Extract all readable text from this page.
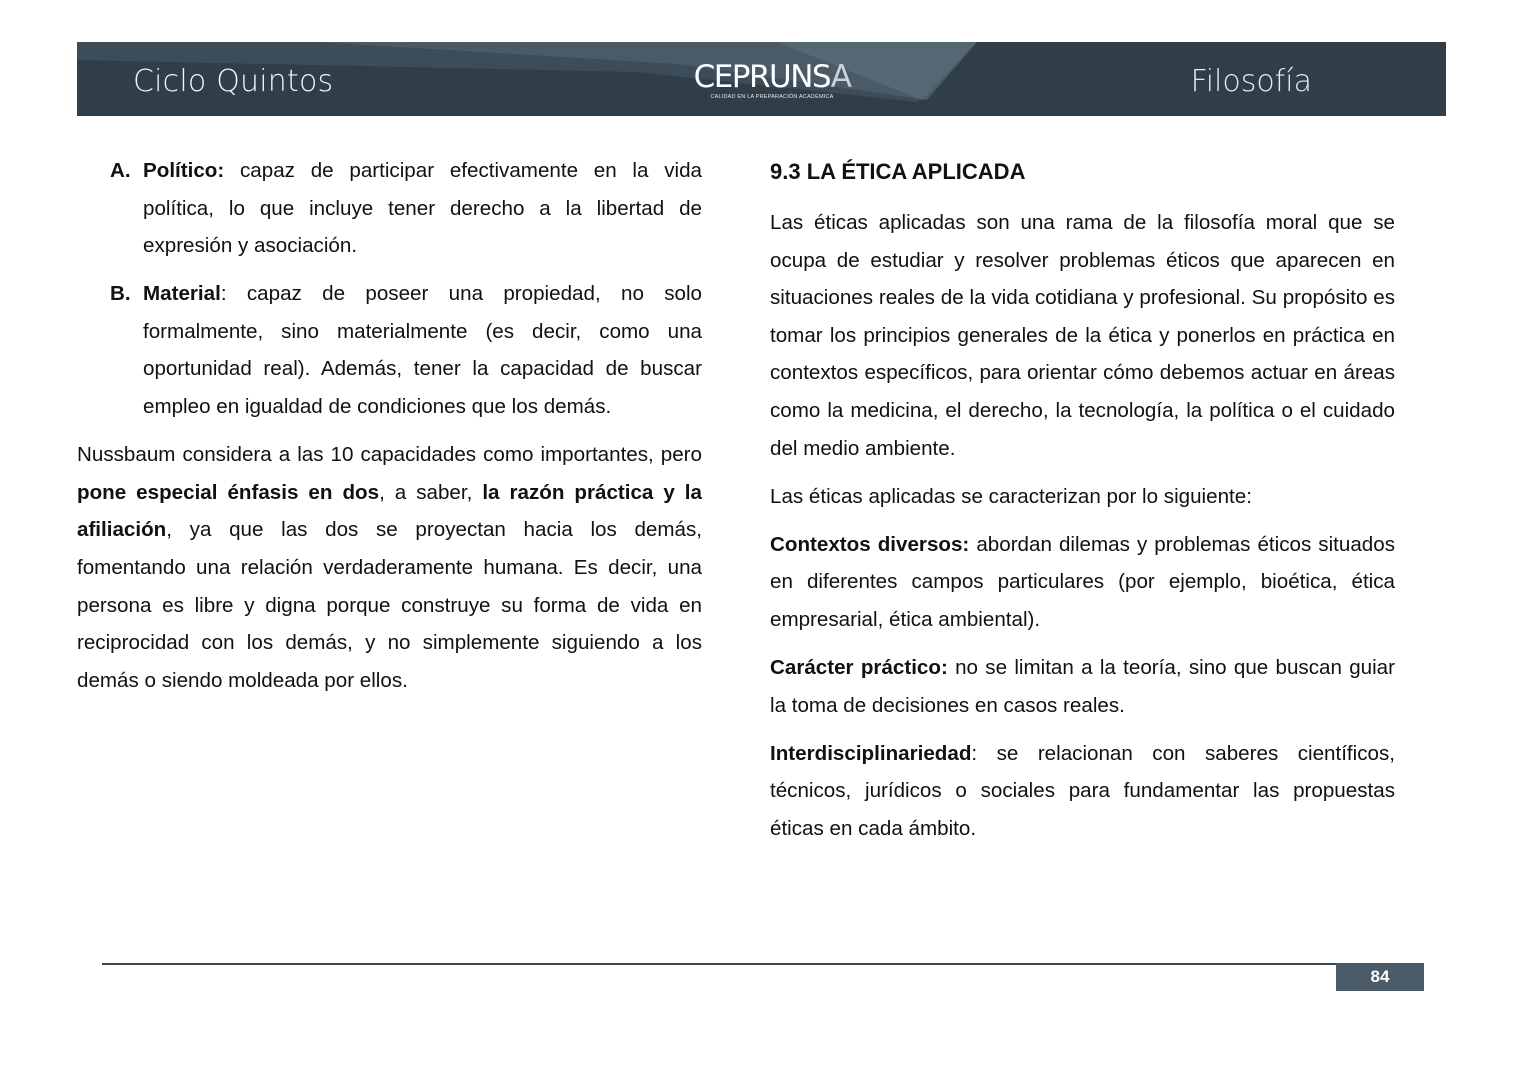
Ciclo Quintos	CEPRUNSA
CALIDAD EN LA PREPARACIÓN ACADÉMICA	Filosofía
A. Político: capaz de participar efectivamente en la vida política, lo que incluye tener derecho a la libertad de expresión y asociación.
B. Material: capaz de poseer una propiedad, no solo formalmente, sino materialmente (es decir, como una oportunidad real). Además, tener la capacidad de buscar empleo en igualdad de condiciones que los demás.

Nussbaum considera a las 10 capacidades como importantes, pero pone especial énfasis en dos, a saber, la razón práctica y la afiliación, ya que las dos se proyectan hacia los demás, fomentando una relación verdaderamente humana. Es decir, una persona es libre y digna porque construye su forma de vida en reciprocidad con los demás, y no simplemente siguiendo a los demás o siendo moldeada por ellos.

9.3 LA ÉTICA APLICADA

Las éticas aplicadas son una rama de la filosofía moral que se ocupa de estudiar y resolver problemas éticos que aparecen en situaciones reales de la vida cotidiana y profesional. Su propósito es tomar los principios generales de la ética y ponerlos en práctica en contextos específicos, para orientar cómo debemos actuar en áreas como la medicina, el derecho, la tecnología, la política o el cuidado del medio ambiente.

Las éticas aplicadas se caracterizan por lo siguiente:

Contextos diversos: abordan dilemas y problemas éticos situados en diferentes campos particulares (por ejemplo, bioética, ética empresarial, ética ambiental).

Carácter práctico: no se limitan a la teoría, sino que buscan guiar la toma de decisiones en casos reales.

Interdisciplinariedad: se relacionan con saberes científicos, técnicos, jurídicos o sociales para fundamentar las propuestas éticas en cada ámbito.

84
